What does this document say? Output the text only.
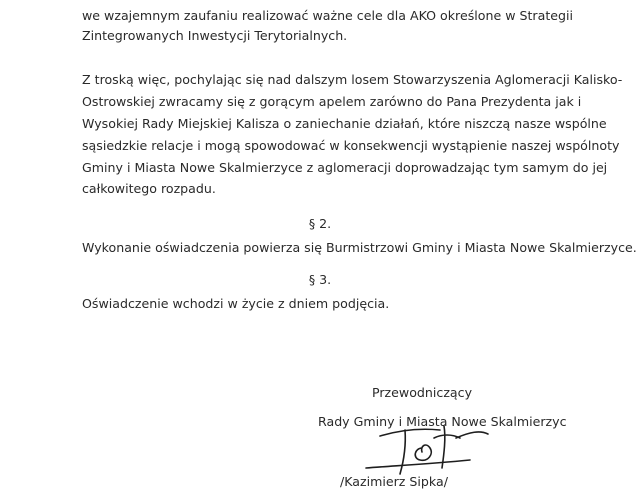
we wzajemnym zaufaniu realizować ważne cele dla AKO określone w Strategii
Zintegrowanych Inwestycji Terytorialnych.
Z troską więc, pochylając się nad dalszym losem Stowarzyszenia Aglomeracji Kalisko-
Ostrowskiej zwracamy się z gorącym apelem zarówno do Pana Prezydenta jak i
Wysokiej Rady Miejskiej Kalisza o zaniechanie działań, które niszczą nasze wspólne
sąsiedzkie relacje i mogą spowodować w konsekwencji wystąpienie naszej wspólnoty
Gminy i Miasta Nowe Skalmierzyce z aglomeracji doprowadzając tym samym do jej
całkowitego rozpadu.
§ 2.
Wykonanie oświadczenia powierza się Burmistrzowi Gminy i Miasta Nowe Skalmierzyce.
§ 3.
Oświadczenie wchodzi w życie z dniem podjęcia.
Przewodniczący
Rady Gminy i Miasta Nowe Skalmierzyc
/Kazimierz Sipka/
